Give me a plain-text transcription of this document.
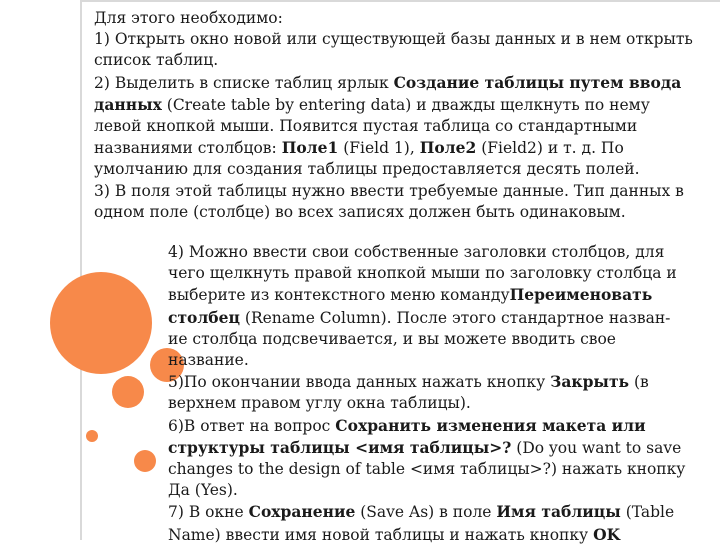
Для этого необходимо:
1) Открыть окно новой или существующей базы данных и в нем открыть
список таблиц.
2) Выделить в списке таблиц ярлык Создание таблицы путем ввода
данных (Create table by entering data) и дважды щелкнуть по нему
левой кнопкой мыши. Появится пустая таблица со стандартными
названиями столбцов: Поле1 (Field 1), Поле2 (Field2) и т. д. По
умолчанию для создания таблицы предоставляется десять полей.
3) В поля этой таблицы нужно ввести требуемые данные. Тип данных в
одном поле (столбце) во всех записях должен быть одинаковым.
4) Можно ввести свои собственные заголовки столбцов, для
чего щелкнуть правой кнопкой мыши по заголовку столбца и
выберите из контекстного меню командуПереименовать
столбец (Rename Column). После этого стандартное назван-
ие столбца подсвечивается, и вы можете вводить свое
название.
5)По окончании ввода данных нажать кнопку Закрыть (в
верхнем правом углу окна таблицы).
6)В ответ на вопрос Сохранить изменения макета или
структуры таблицы <имя таблицы>? (Do you want to save
changes to the design of table <имя таблицы>?) нажать кнопку
Да (Yes).
7) В окне Сохранение (Save As) в поле Имя таблицы (Table
Name) ввести имя новой таблицы и нажать кнопку OK
